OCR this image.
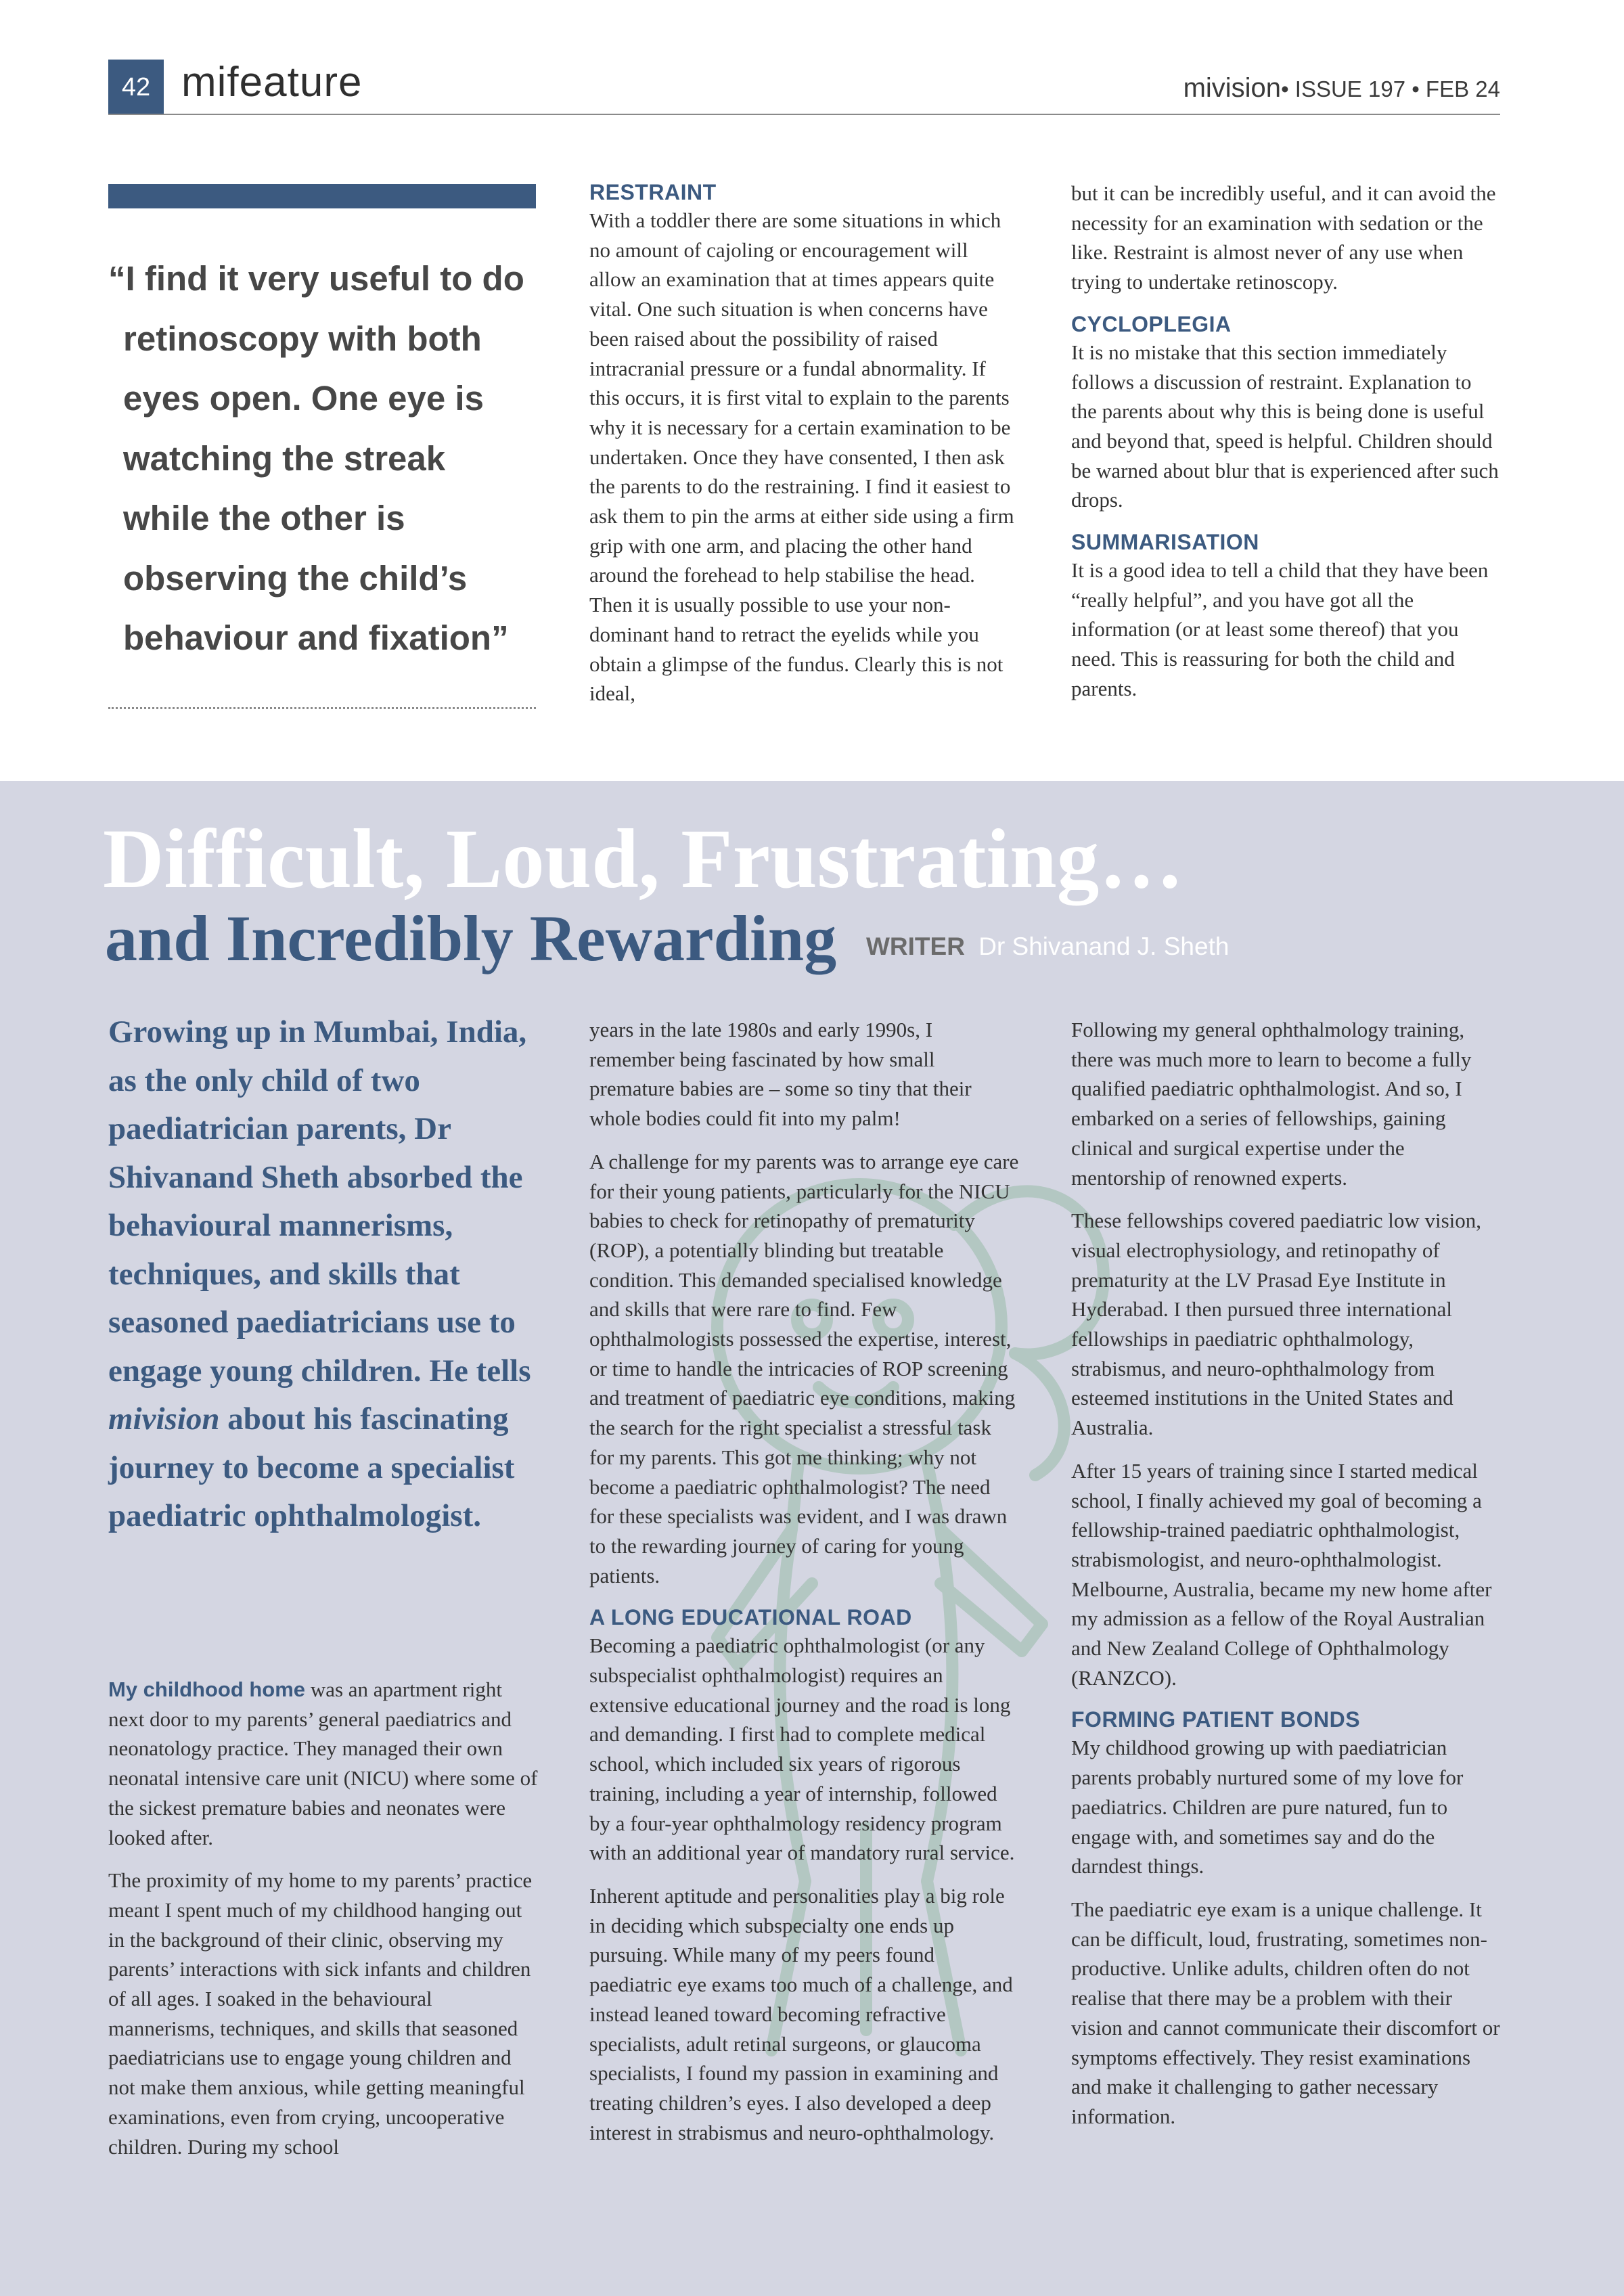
42 mifeature	mivision• ISSUE 197 • FEB 24
“I find it very useful to do retinoscopy with both eyes open. One eye is watching the streak while the other is observing the child’s behaviour and fixation”
RESTRAINT

With a toddler there are some situations in which no amount of cajoling or encouragement will allow an examination that at times appears quite vital. One such situation is when concerns have been raised about the possibility of raised intracranial pressure or a fundal abnormality. If this occurs, it is first vital to explain to the parents why it is necessary for a certain examination to be undertaken. Once they have consented, I then ask the parents to do the restraining. I find it easiest to ask them to pin the arms at either side using a firm grip with one arm, and placing the other hand around the forehead to help stabilise the head. Then it is usually possible to use your non-dominant hand to retract the eyelids while you obtain a glimpse of the fundus. Clearly this is not ideal,

but it can be incredibly useful, and it can avoid the necessity for an examination with sedation or the like. Restraint is almost never of any use when trying to undertake retinoscopy.

CYCLOPLEGIA

It is no mistake that this section immediately follows a discussion of restraint. Explanation to the parents about why this is being done is useful and beyond that, speed is helpful. Children should be warned about blur that is experienced after such drops.

SUMMARISATION

It is a good idea to tell a child that they have been “really helpful”, and you have got all the information (or at least some thereof) that you need. This is reassuring for both the child and parents.

Difficult, Loud, Frustrating…
and Incredibly Rewarding WRITER Dr Shivanand J. Sheth
Growing up in Mumbai, India, as the only child of two paediatrician parents, Dr Shivanand Sheth absorbed the behavioural mannerisms, techniques, and skills that seasoned paediatricians use to engage young children. He tells mivision about his fascinating journey to become a specialist paediatric ophthalmologist.

My childhood home was an apartment right next door to my parents’ general paediatrics and neonatology practice. They managed their own neonatal intensive care unit (NICU) where some of the sickest premature babies and neonates were looked after.

The proximity of my home to my parents’ practice meant I spent much of my childhood hanging out in the background of their clinic, observing my parents’ interactions with sick infants and children of all ages. I soaked in the behavioural mannerisms, techniques, and skills that seasoned paediatricians use to engage young children and not make them anxious, while getting meaningful examinations, even from crying, uncooperative children. During my school

years in the late 1980s and early 1990s, I remember being fascinated by how small premature babies are – some so tiny that their whole bodies could fit into my palm!

A challenge for my parents was to arrange eye care for their young patients, particularly for the NICU babies to check for retinopathy of prematurity (ROP), a potentially blinding but treatable condition. This demanded specialised knowledge and skills that were rare to find. Few ophthalmologists possessed the expertise, interest, or time to handle the intricacies of ROP screening and treatment of paediatric eye conditions, making the search for the right specialist a stressful task for my parents. This got me thinking; why not become a paediatric ophthalmologist? The need for these specialists was evident, and I was drawn to the rewarding journey of caring for young patients.

A LONG EDUCATIONAL ROAD

Becoming a paediatric ophthalmologist (or any subspecialist ophthalmologist) requires an extensive educational journey and the road is long and demanding. I first had to complete medical school, which included six years of rigorous training, including a year of internship, followed by a four-year ophthalmology residency program with an additional year of mandatory rural service.

Inherent aptitude and personalities play a big role in deciding which subspecialty one ends up pursuing. While many of my peers found paediatric eye exams too much of a challenge, and instead leaned toward becoming refractive specialists, adult retinal surgeons, or glaucoma specialists, I found my passion in examining and treating children’s eyes. I also developed a deep interest in strabismus and neuro-ophthalmology.

Following my general ophthalmology training, there was much more to learn to become a fully qualified paediatric ophthalmologist. And so, I embarked on a series of fellowships, gaining clinical and surgical expertise under the mentorship of renowned experts.

These fellowships covered paediatric low vision, visual electrophysiology, and retinopathy of prematurity at the LV Prasad Eye Institute in Hyderabad. I then pursued three international fellowships in paediatric ophthalmology, strabismus, and neuro-ophthalmology from esteemed institutions in the United States and Australia.

After 15 years of training since I started medical school, I finally achieved my goal of becoming a fellowship-trained paediatric ophthalmologist, strabismologist, and neuro-ophthalmologist. Melbourne, Australia, became my new home after my admission as a fellow of the Royal Australian and New Zealand College of Ophthalmology (RANZCO).

FORMING PATIENT BONDS

My childhood growing up with paediatrician parents probably nurtured some of my love for paediatrics. Children are pure natured, fun to engage with, and sometimes say and do the darndest things.

The paediatric eye exam is a unique challenge. It can be difficult, loud, frustrating, sometimes non-productive. Unlike adults, children often do not realise that there may be a problem with their vision and cannot communicate their discomfort or symptoms effectively. They resist examinations and make it challenging to gather necessary information.
